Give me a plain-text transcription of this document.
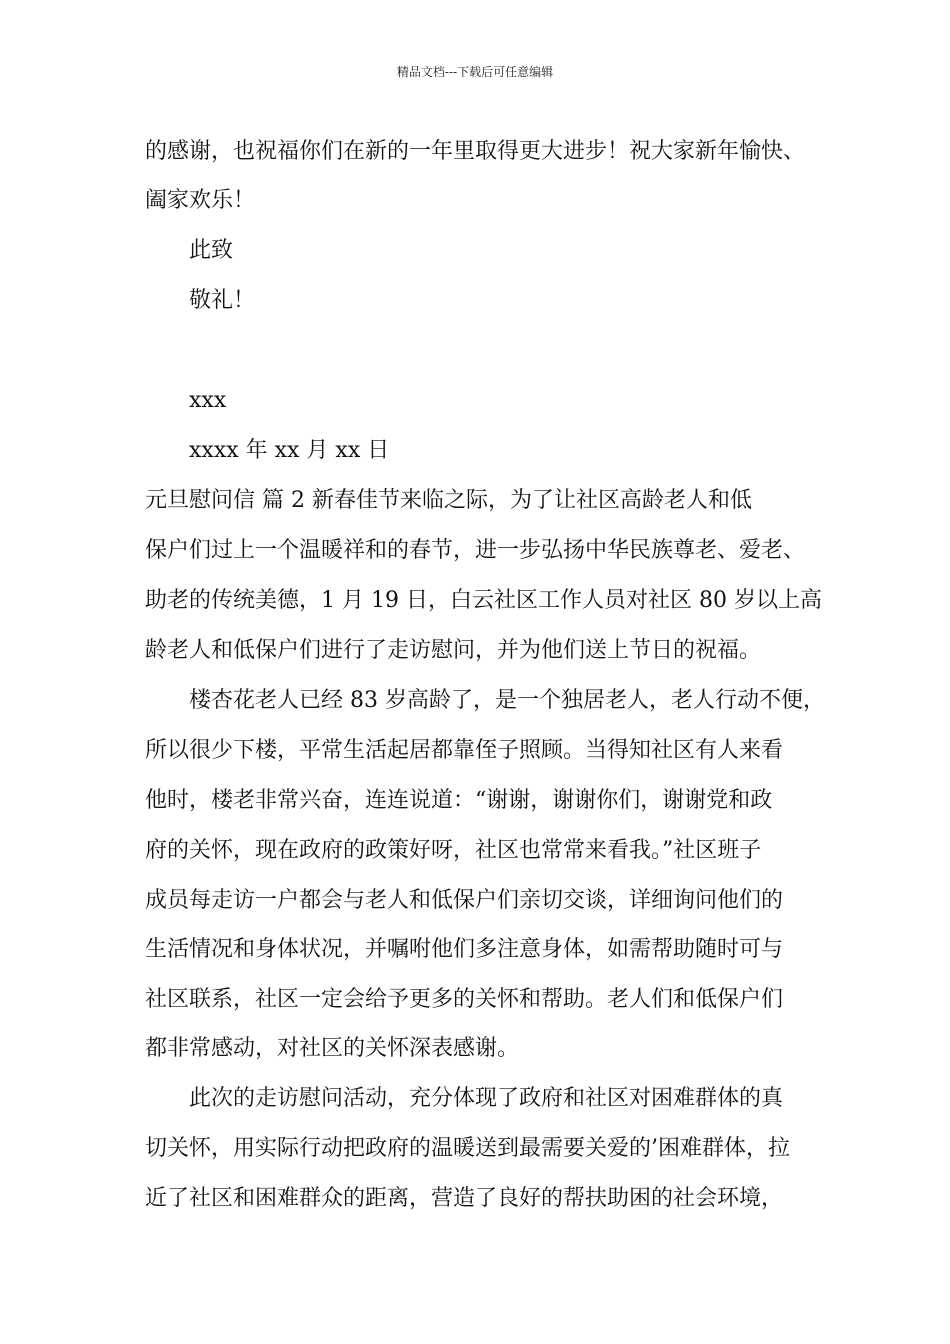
精品文档---下载后可任意编辑
的感谢，也祝福你们在新的一年里取得更大进步！祝大家新年愉快、
阖家欢乐！
此致
敬礼！
xxx
xxxx 年 xx 月 xx 日
元旦慰问信 篇 2 新春佳节来临之际，为了让社区高龄老人和低
保户们过上一个温暖祥和的春节，进一步弘扬中华民族尊老、爱老、
助老的传统美德，1 月 19 日，白云社区工作人员对社区 80 岁以上高
龄老人和低保户们进行了走访慰问，并为他们送上节日的祝福。
楼杏花老人已经 83 岁高龄了，是一个独居老人，老人行动不便，
所以很少下楼，平常生活起居都靠侄子照顾。当得知社区有人来看
他时，楼老非常兴奋，连连说道：“谢谢，谢谢你们，谢谢党和政
府的关怀，现在政府的政策好呀，社区也常常来看我。”社区班子
成员每走访一户都会与老人和低保户们亲切交谈，详细询问他们的
生活情况和身体状况，并嘱咐他们多注意身体，如需帮助随时可与
社区联系，社区一定会给予更多的关怀和帮助。老人们和低保户们
都非常感动，对社区的关怀深表感谢。
此次的走访慰问活动，充分体现了政府和社区对困难群体的真
切关怀，用实际行动把政府的温暖送到最需要关爱的’困难群体，拉
近了社区和困难群众的距离，营造了良好的帮扶助困的社会环境，
